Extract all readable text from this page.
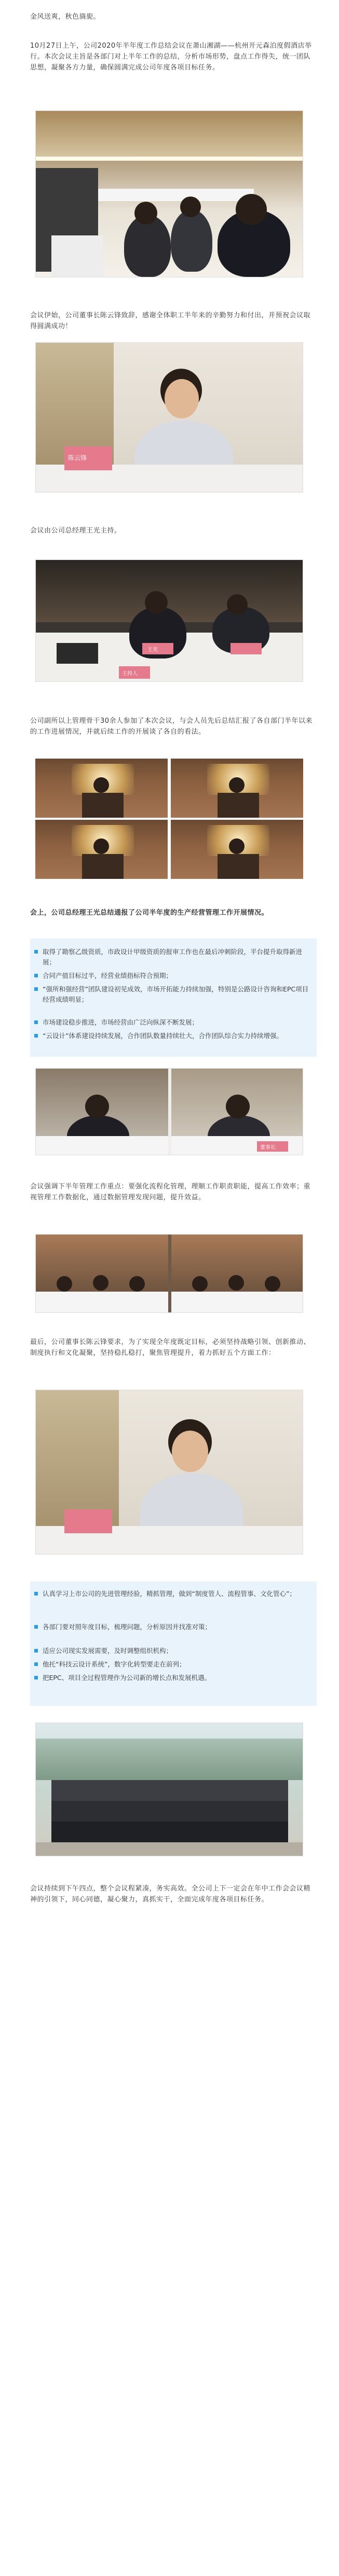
金风送爽，秋色旖旎。
10月27日上午，公司2020年半年度工作总结会议在萧山湘湖——杭州开元森泊度假酒店举行。本次会议主旨是各部门对上半年工作的总结，分析市场形势，盘点工作得失，统一团队思想，凝聚各方力量，确保圆满完成公司年度各项目标任务。
会议伊始，公司董事长陈云锋致辞，感谢全体职工半年来的辛勤努力和付出，并预祝会议取得圆满成功！
陈云锋
会议由公司总经理王光主持。
王光
主持人
公司副所以上管理骨干30余人参加了本次会议，与会人员先后总结汇报了各自部门半年以来的工作进展情况，并就后续工作的开展谈了各自的看法。
会上，公司总经理王光总结通报了公司半年度的生产经营管理工作开展情况。
取得了勘察乙级资质，市政设计甲级资质的报审工作也在最后冲刺阶段，平台提升取得新进展；
合同产值目标过半，经营业绩指标符合预期；
“强所和强经营”团队建设初见成效，市场开拓能力持续加强，特别是公路设计咨询和EPC项目经营成绩明显；
市场建设稳步推进，市场经营由广泛向纵深不断发展；
“云设计”体系建设持续发展，合作团队数量持续壮大，合作团队综合实力持续增强。
董事长
会议强调下半年管理工作重点：要强化流程化管理，理顺工作职责职能，提高工作效率；重视管理工作数据化，通过数据管理发现问题，提升效益。
最后，公司董事长陈云锋要求，为了实现全年度既定目标，必须坚持战略引领、创新推动、制度执行和文化凝聚，坚持稳扎稳打，聚焦管理提升，着力抓好五个方面工作：
认真学习上市公司的先进管理经验，精抓管理，做到“制度管人、流程管事、文化管心”；
各部门要对照年度目标，梳理问题，分析原因并找准对策；
适应公司现实发展需要，及时调整组织机构；
他托“科技云设计系统”，数字化转型要走在前列；
把EPC、项目全过程管理作为公司新的增长点和发展机遇。
会议持续到下午四点，整个会议程紧凑，务实高效。全公司上下一定会在年中工作会会议精神的引领下，同心同德，凝心聚力，真抓实干，全面完成年度各项目标任务。
